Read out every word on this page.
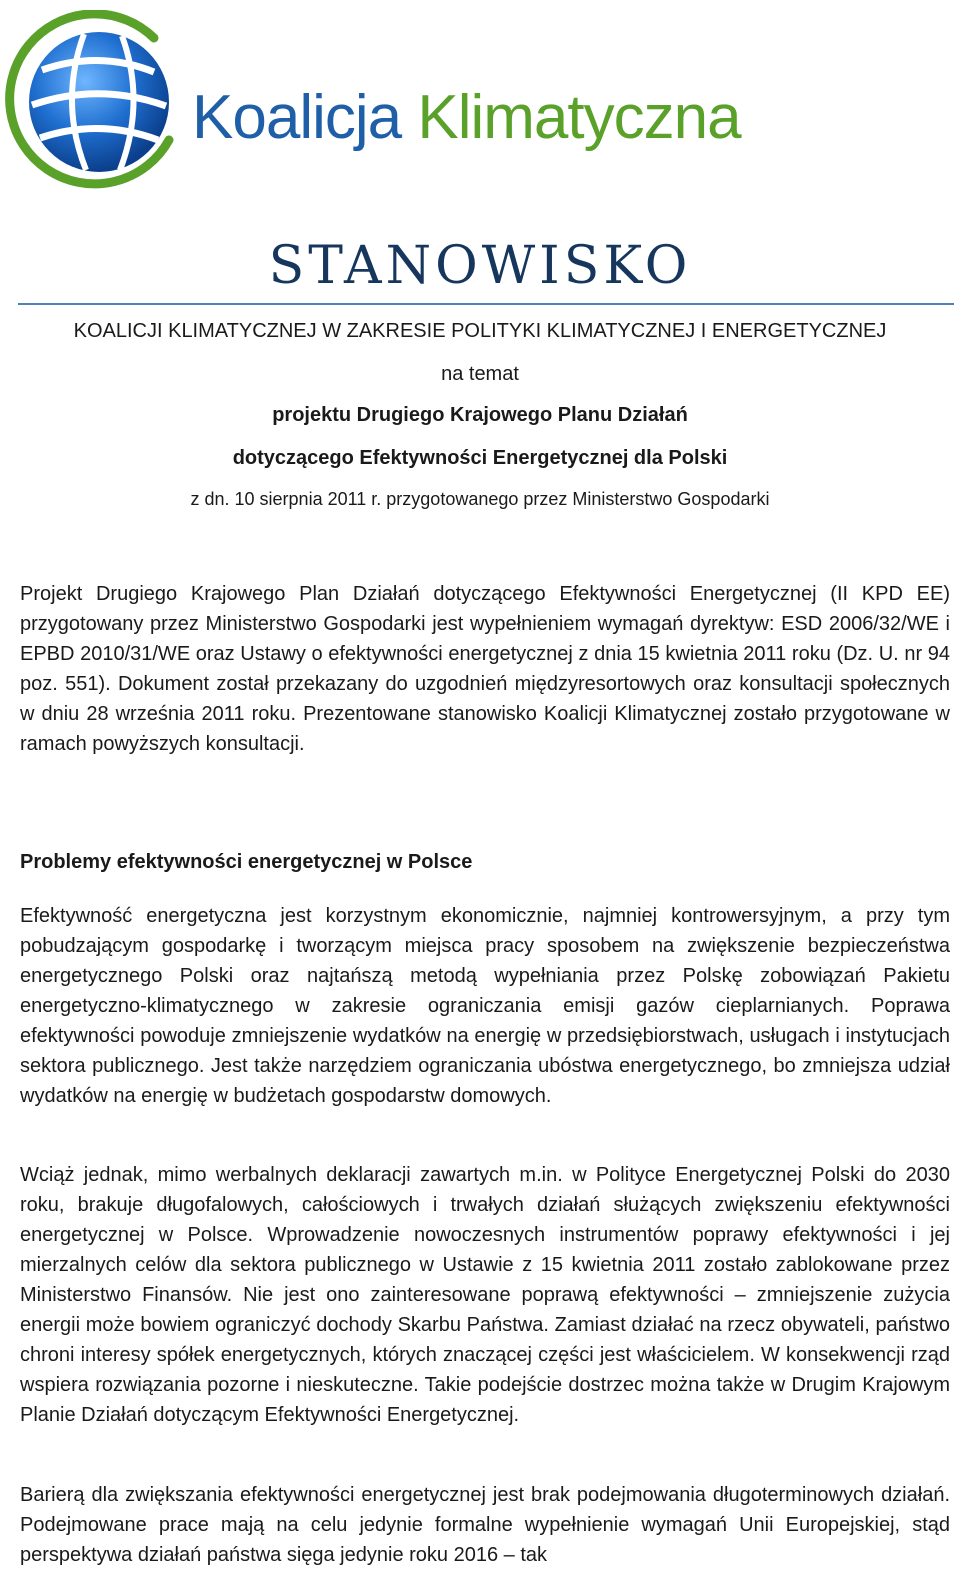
Koalicja Klimatyczna
STANOWISKO
KOALICJI KLIMATYCZNEJ W ZAKRESIE POLITYKI KLIMATYCZNEJ I ENERGETYCZNEJ
na temat
projektu Drugiego Krajowego Planu Działań
dotyczącego Efektywności Energetycznej dla Polski
z dn. 10 sierpnia 2011 r. przygotowanego przez Ministerstwo Gospodarki

Projekt Drugiego Krajowego Plan Działań dotyczącego Efektywności Energetycznej (II KPD EE) przygotowany przez Ministerstwo Gospodarki jest wypełnieniem wymagań dyrektyw: ESD 2006/32/WE i EPBD 2010/31/WE oraz Ustawy o efektywności energetycznej z dnia 15 kwietnia 2011 roku (Dz. U. nr 94 poz. 551). Dokument został przekazany do uzgodnień międzyresortowych oraz konsultacji społecznych w dniu 28 września 2011 roku. Prezentowane stanowisko Koalicji Klimatycznej zostało przygotowane w ramach powyższych konsultacji.

Problemy efektywności energetycznej w Polsce

Efektywność energetyczna jest korzystnym ekonomicznie, najmniej kontrowersyjnym, a przy tym pobudzającym gospodarkę i tworzącym miejsca pracy sposobem na zwiększenie bezpieczeństwa energetycznego Polski oraz najtańszą metodą wypełniania przez Polskę zobowiązań Pakietu energetyczno-klimatycznego w zakresie ograniczania emisji gazów cieplarnianych. Poprawa efektywności powoduje zmniejszenie wydatków na energię w przedsiębiorstwach, usługach i instytucjach sektora publicznego. Jest także narzędziem ograniczania ubóstwa energetycznego, bo zmniejsza udział wydatków na energię w budżetach gospodarstw domowych.

Wciąż jednak, mimo werbalnych deklaracji zawartych m.in. w Polityce Energetycznej Polski do 2030 roku, brakuje długofalowych, całościowych i trwałych działań służących zwiększeniu efektywności energetycznej w Polsce. Wprowadzenie nowoczesnych instrumentów poprawy efektywności i jej mierzalnych celów dla sektora publicznego w Ustawie z 15 kwietnia 2011 zostało zablokowane przez Ministerstwo Finansów. Nie jest ono zainteresowane poprawą efektywności – zmniejszenie zużycia energii może bowiem ograniczyć dochody Skarbu Państwa. Zamiast działać na rzecz obywateli, państwo chroni interesy spółek energetycznych, których znaczącej części jest właścicielem. W konsekwencji rząd wspiera rozwiązania pozorne i nieskuteczne. Takie podejście dostrzec można także w Drugim Krajowym Planie Działań dotyczącym Efektywności Energetycznej.

Barierą dla zwiększania efektywności energetycznej jest brak podejmowania długoterminowych działań. Podejmowane prace mają na celu jedynie formalne wypełnienie wymagań Unii Europejskiej, stąd perspektywa działań państwa sięga jedynie roku 2016 – tak
